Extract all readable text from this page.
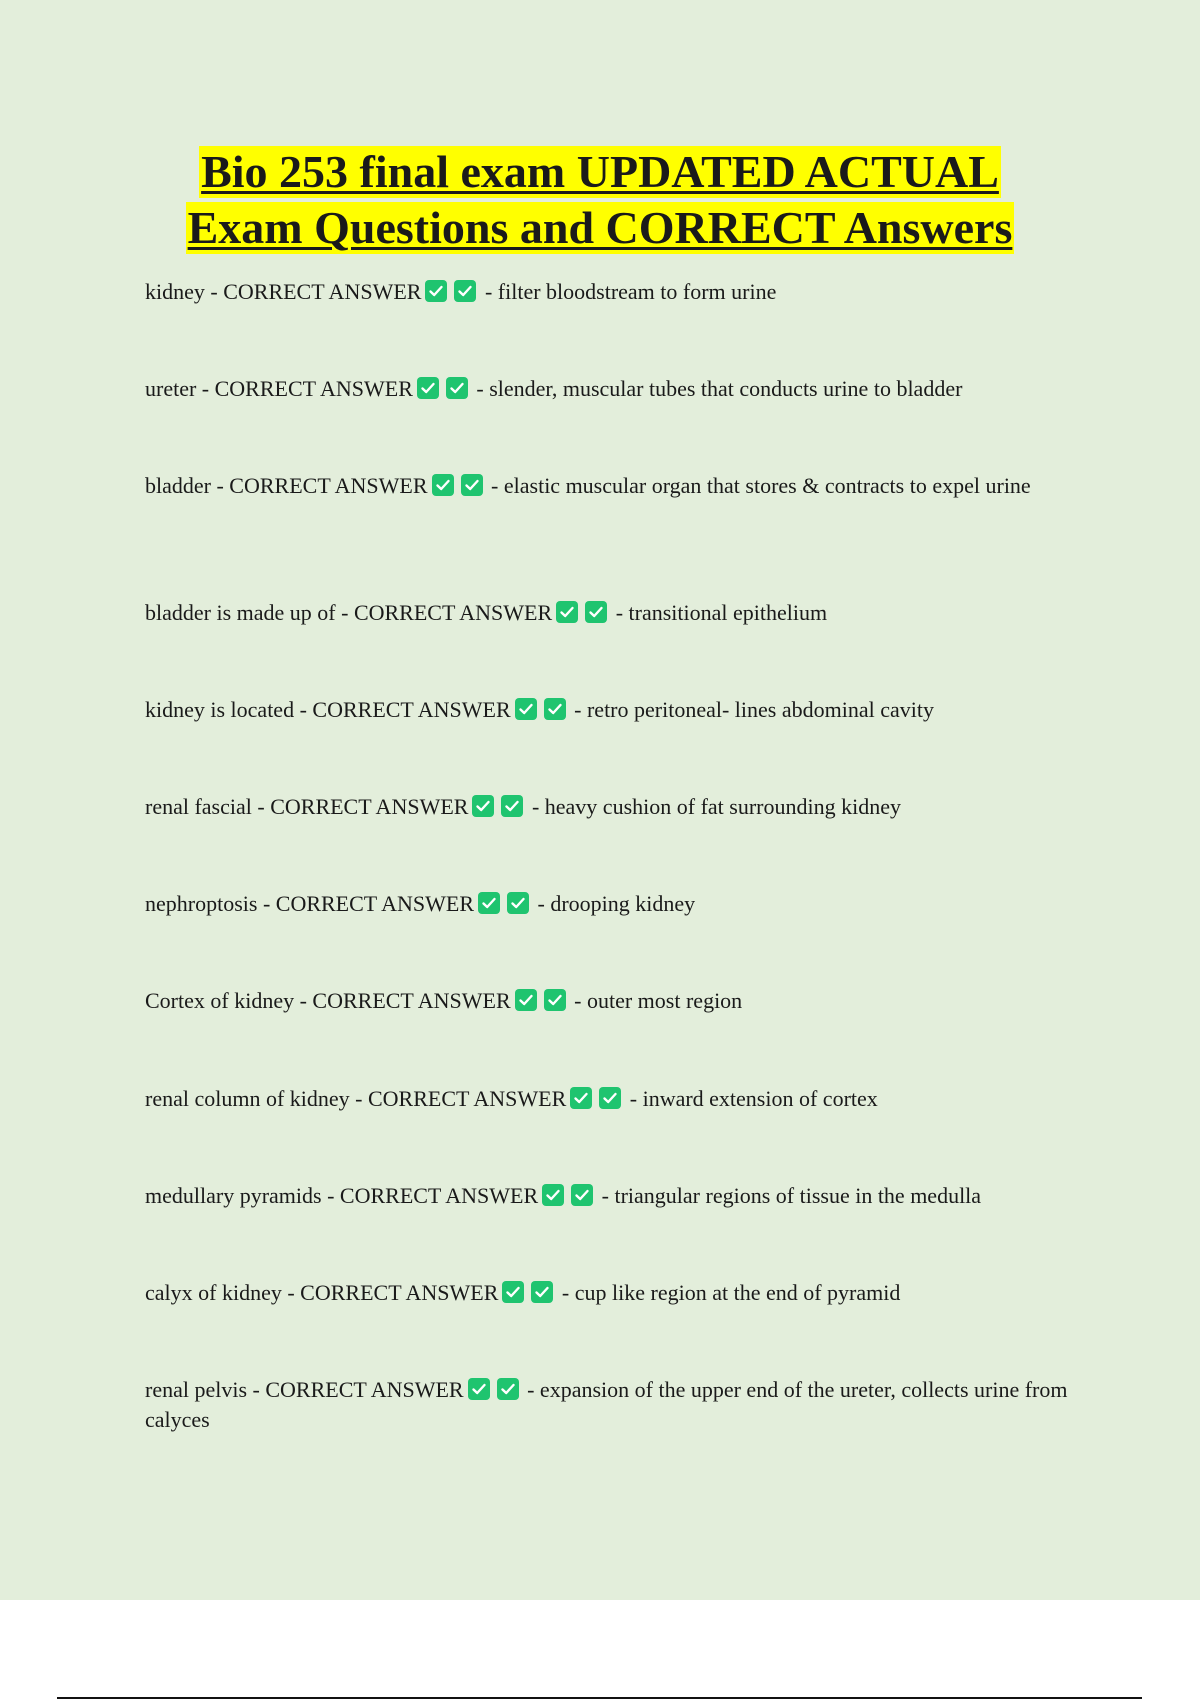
Bio 253 final exam UPDATED ACTUAL
Exam Questions and CORRECT Answers
kidney - CORRECT ANSWER	- filter bloodstream to form urine
ureter - CORRECT ANSWER	- slender, muscular tubes that conducts urine to bladder
bladder - CORRECT ANSWER	- elastic muscular organ that stores & contracts to expel urine
bladder is made up of - CORRECT ANSWER	- transitional epithelium
kidney is located - CORRECT ANSWER	- retro peritoneal- lines abdominal cavity
renal fascial - CORRECT ANSWER	- heavy cushion of fat surrounding kidney
nephroptosis - CORRECT ANSWER	- drooping kidney
Cortex of kidney - CORRECT ANSWER	- outer most region
renal column of kidney - CORRECT ANSWER	- inward extension of cortex
medullary pyramids - CORRECT ANSWER	- triangular regions of tissue in the medulla
calyx of kidney - CORRECT ANSWER	- cup like region at the end of pyramid
renal pelvis - CORRECT ANSWER	- expansion of the upper end of the ureter, collects urine from calyces
